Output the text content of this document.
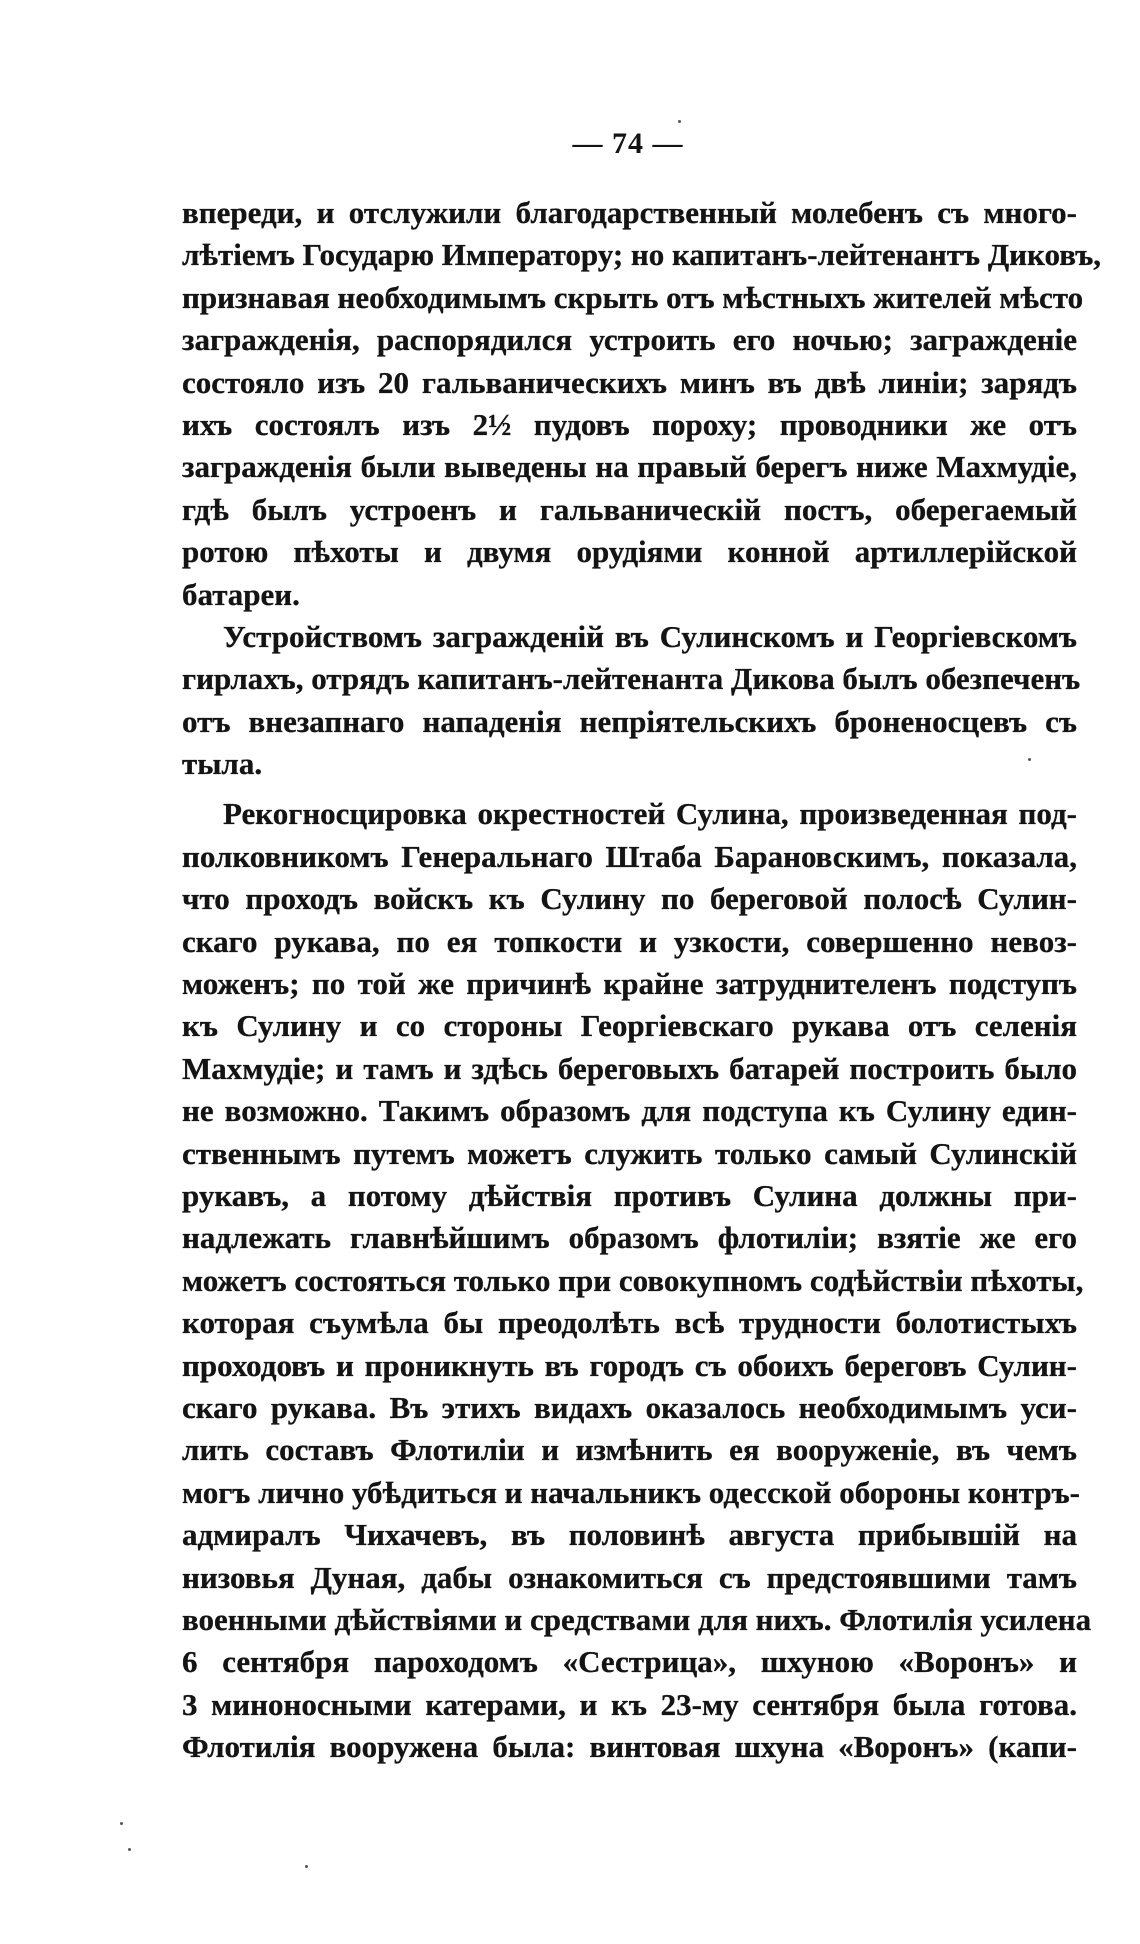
— 74 —
впереди, и отслужили благодарственный молебенъ съ много-
лѣтіемъ Государю Императору; но капитанъ-лейтенантъ Диковъ,
признавая необходимымъ скрыть отъ мѣстныхъ жителей мѣсто
загражденія, распорядился устроить его ночью; загражденіе
состояло изъ 20 гальваническихъ минъ въ двѣ линіи; зарядъ
ихъ состоялъ изъ 2½ пудовъ пороху; проводники же отъ
загражденія были выведены на правый берегъ ниже Махмудіе,
гдѣ былъ устроенъ и гальваническій постъ, оберегаемый
ротою пѣхоты и двумя орудіями конной артиллерійской
батареи.
Устройствомъ загражденій въ Сулинскомъ и Георгіевскомъ
гирлахъ, отрядъ капитанъ-лейтенанта Дикова былъ обезпеченъ
отъ внезапнаго нападенія непріятельскихъ броненосцевъ съ
тыла.
Рекогносцировка окрестностей Сулина, произведенная под-
полковникомъ Генеральнаго Штаба Барановскимъ, показала,
что проходъ войскъ къ Сулину по береговой полосѣ Сулин-
скаго рукава, по ея топкости и узкости, совершенно невоз-
моженъ; по той же причинѣ крайне затруднителенъ подступъ
къ Сулину и со стороны Георгіевскаго рукава отъ селенія
Махмудіе; и тамъ и здѣсь береговыхъ батарей построить было
не возможно. Такимъ образомъ для подступа къ Сулину един-
ственнымъ путемъ можетъ служить только самый Сулинскій
рукавъ, а потому дѣйствія противъ Сулина должны при-
надлежать главнѣйшимъ образомъ флотиліи; взятіе же его
можетъ состояться только при совокупномъ содѣйствіи пѣхоты,
которая съумѣла бы преодолѣть всѣ трудности болотистыхъ
проходовъ и проникнуть въ городъ съ обоихъ береговъ Сулин-
скаго рукава. Въ этихъ видахъ оказалось необходимымъ уси-
лить составъ Флотиліи и измѣнить ея вооруженіе, въ чемъ
могъ лично убѣдиться и начальникъ одесской обороны контръ-
адмиралъ Чихачевъ, въ половинѣ августа прибывшій на
низовья Дуная, дабы ознакомиться съ предстоявшими тамъ
военными дѣйствіями и средствами для нихъ. Флотилія усилена
6 сентября пароходомъ «Сестрица», шхуною «Воронъ» и
3 миноносными катерами, и къ 23-му сентября была готова.
Флотилія вооружена была: винтовая шхуна «Воронъ» (капи-
